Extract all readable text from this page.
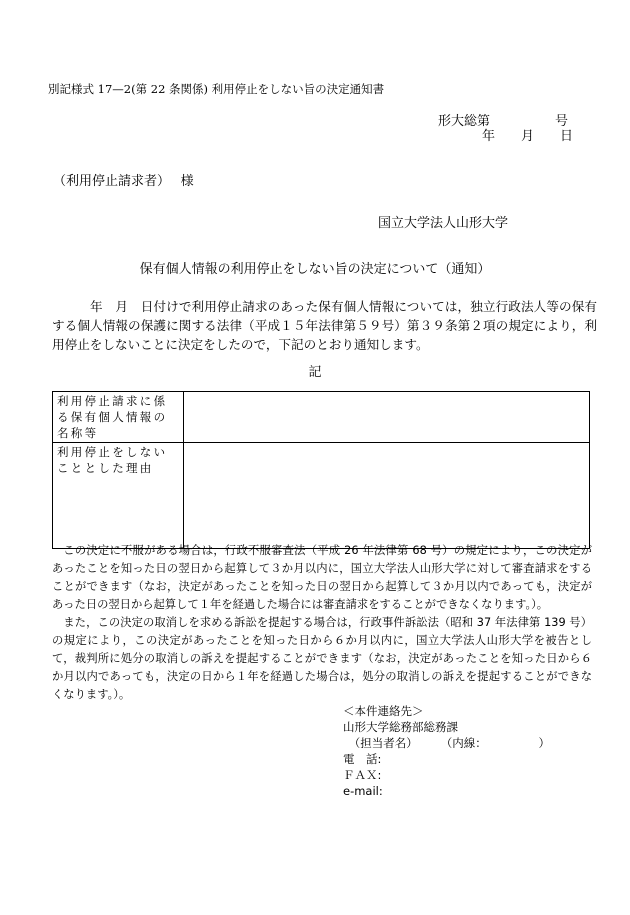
別記様式 17—2(第 22 条関係) 利用停止をしない旨の決定通知書
形大総第　　　　　号
年　　月　　日
（利用停止請求者）　 様
国立大学法人山形大学
保有個人情報の利用停止をしない旨の決定について（通知）
　　　年　月　日付けで利用停止請求のあった保有個人情報については，独立行政法人等の保有する個人情報の保護に関する法律（平成１５年法律第５９号）第３９条第２項の規定により，利用停止をしないことに決定をしたので，下記のとおり通知します。
記
利用停止請求に係る保有個人情報の名称等	
利用停止をしないこととした理由	

この決定に不服がある場合は，行政不服審査法（平成 26 年法律第 68 号）の規定により，この決定があったことを知った日の翌日から起算して３か月以内に，国立大学法人山形大学に対して審査請求をすることができます（なお，決定があったことを知った日の翌日から起算して３か月以内であっても，決定があった日の翌日から起算して１年を経過した場合には審査請求をすることができなくなります。）。

また，この決定の取消しを求める訴訟を提起する場合は，行政事件訴訟法（昭和 37 年法律第 139 号）の規定により，この決定があったことを知った日から６か月以内に，国立大学法人山形大学を被告として，裁判所に処分の取消しの訴えを提起することができます（なお，決定があったことを知った日から６か月以内であっても，決定の日から１年を経過した場合は，処分の取消しの訴えを提起することができなくなります。）。

＜本件連絡先＞
山形大学総務部総務課
　（担当者名）　　　（内線：　　　　　）
電　話:
ＦＡＸ:
e-mail:
